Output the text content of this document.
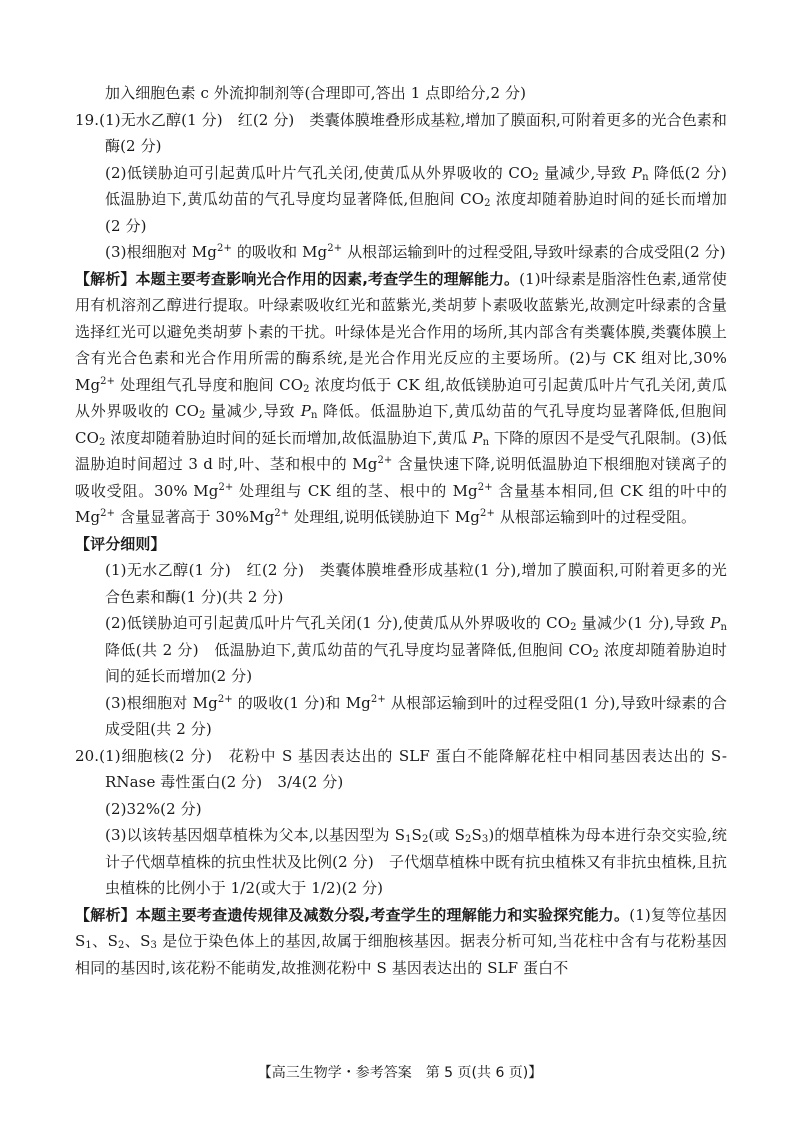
加入细胞色素 c 外流抑制剂等(合理即可,答出 1 点即给分,2 分)

19.(1)无水乙醇(1 分)　红(2 分)　类囊体膜堆叠形成基粒,增加了膜面积,可附着更多的光合色素和酶(2 分)

(2)低镁胁迫可引起黄瓜叶片气孔关闭,使黄瓜从外界吸收的 $CO_2$ 量减少,导致 $P_n$ 降低(2 分)　低温胁迫下,黄瓜幼苗的气孔导度均显著降低,但胞间 $CO_2$ 浓度却随着胁迫时间的延长而增加(2 分)

(3)根细胞对 $Mg^{2+}$ 的吸收和 $Mg^{2+}$ 从根部运输到叶的过程受阻,导致叶绿素的合成受阻(2 分)

【解析】本题主要考查影响光合作用的因素,考查学生的理解能力。(1)叶绿素是脂溶性色素,通常使用有机溶剂乙醇进行提取。叶绿素吸收红光和蓝紫光,类胡萝卜素吸收蓝紫光,故测定叶绿素的含量选择红光可以避免类胡萝卜素的干扰。叶绿体是光合作用的场所,其内部含有类囊体膜,类囊体膜上含有光合色素和光合作用所需的酶系统,是光合作用光反应的主要场所。(2)与 CK 组对比,30% $Mg^{2+}$ 处理组气孔导度和胞间 $CO_2$ 浓度均低于 CK 组,故低镁胁迫可引起黄瓜叶片气孔关闭,黄瓜从外界吸收的 $CO_2$ 量减少,导致 $P_n$ 降低。低温胁迫下,黄瓜幼苗的气孔导度均显著降低,但胞间 $CO_2$ 浓度却随着胁迫时间的延长而增加,故低温胁迫下,黄瓜 $P_n$ 下降的原因不是受气孔限制。(3)低温胁迫时间超过 3 d 时,叶、茎和根中的 $Mg^{2+}$ 含量快速下降,说明低温胁迫下根细胞对镁离子的吸收受阻。30% $Mg^{2+}$ 处理组与 CK 组的茎、根中的 $Mg^{2+}$ 含量基本相同,但 CK 组的叶中的 $Mg^{2+}$ 含量显著高于 $30\%Mg^{2+}$ 处理组,说明低镁胁迫下 $Mg^{2+}$ 从根部运输到叶的过程受阻。

【评分细则】

(1)无水乙醇(1 分)　红(2 分)　类囊体膜堆叠形成基粒(1 分),增加了膜面积,可附着更多的光合色素和酶(1 分)(共 2 分)

(2)低镁胁迫可引起黄瓜叶片气孔关闭(1 分),使黄瓜从外界吸收的 $CO_2$ 量减少(1 分),导致 $P_n$ 降低(共 2 分)　低温胁迫下,黄瓜幼苗的气孔导度均显著降低,但胞间 $CO_2$ 浓度却随着胁迫时间的延长而增加(2 分)

(3)根细胞对 $Mg^{2+}$ 的吸收(1 分)和 $Mg^{2+}$ 从根部运输到叶的过程受阻(1 分),导致叶绿素的合成受阻(共 2 分)

20.(1)细胞核(2 分)　花粉中 S 基因表达出的 SLF 蛋白不能降解花柱中相同基因表达出的 S-RNase 毒性蛋白(2 分)　3/4(2 分)

(2)32%(2 分)

(3)以该转基因烟草植株为父本,以基因型为 $S_1S_2$(或 $S_2S_3$)的烟草植株为母本进行杂交实验,统计子代烟草植株的抗虫性状及比例(2 分)　子代烟草植株中既有抗虫植株又有非抗虫植株,且抗虫植株的比例小于 1/2(或大于 1/2)(2 分)

【解析】本题主要考查遗传规律及减数分裂,考查学生的理解能力和实验探究能力。(1)复等位基因 $S_1$、$S_2$、$S_3$ 是位于染色体上的基因,故属于细胞核基因。据表分析可知,当花柱中含有与花粉基因相同的基因时,该花粉不能萌发,故推测花粉中 S 基因表达出的 SLF 蛋白不

【高三生物学・参考答案　第 5 页(共 6 页)】
